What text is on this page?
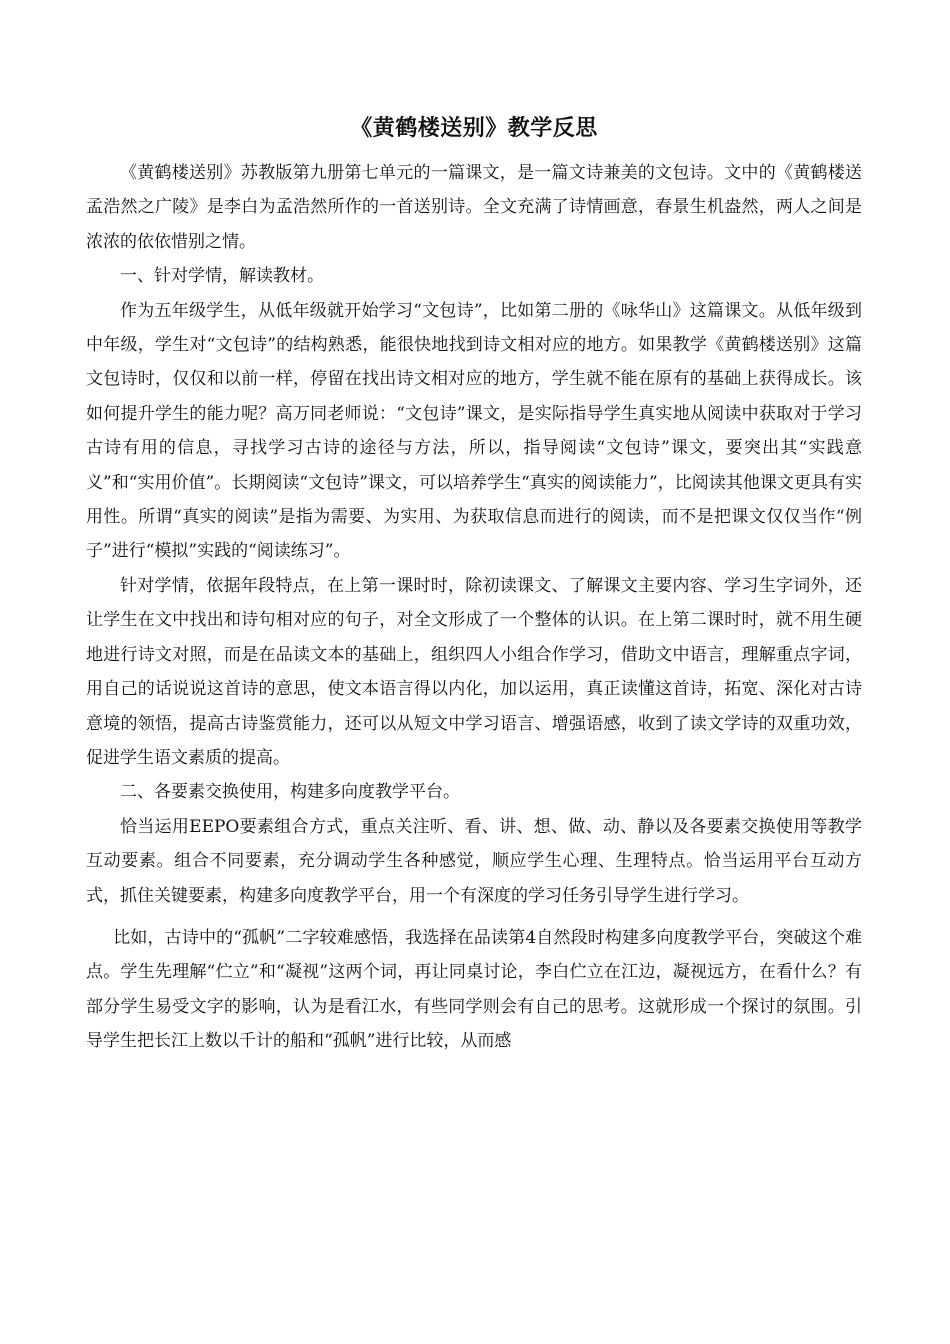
《黄鹤楼送别》教学反思

《黄鹤楼送别》苏教版第九册第七单元的一篇课文，是一篇文诗兼美的文包诗。文中的《黄鹤楼送孟浩然之广陵》是李白为孟浩然所作的一首送别诗。全文充满了诗情画意，春景生机盎然，两人之间是浓浓的依依惜别之情。

一、针对学情，解读教材。

作为五年级学生，从低年级就开始学习“文包诗”，比如第二册的《咏华山》这篇课文。从低年级到中年级，学生对“文包诗”的结构熟悉，能很快地找到诗文相对应的地方。如果教学《黄鹤楼送别》这篇文包诗时，仅仅和以前一样，停留在找出诗文相对应的地方，学生就不能在原有的基础上获得成长。该如何提升学生的能力呢？高万同老师说：“文包诗”课文，是实际指导学生真实地从阅读中获取对于学习古诗有用的信息，寻找学习古诗的途径与方法，所以，指导阅读“文包诗”课文，要突出其“实践意义”和“实用价值”。长期阅读“文包诗”课文，可以培养学生“真实的阅读能力”，比阅读其他课文更具有实用性。所谓“真实的阅读”是指为需要、为实用、为获取信息而进行的阅读，而不是把课文仅仅当作“例子”进行“模拟”实践的“阅读练习”。

针对学情，依据年段特点，在上第一课时时，除初读课文、了解课文主要内容、学习生字词外，还让学生在文中找出和诗句相对应的句子，对全文形成了一个整体的认识。在上第二课时时，就不用生硬地进行诗文对照，而是在品读文本的基础上，组织四人小组合作学习，借助文中语言，理解重点字词，用自己的话说说这首诗的意思，使文本语言得以内化，加以运用，真正读懂这首诗，拓宽、深化对古诗意境的领悟，提高古诗鉴赏能力，还可以从短文中学习语言、增强语感，收到了读文学诗的双重功效，促进学生语文素质的提高。

二、各要素交换使用，构建多向度教学平台。

恰当运用EEPO要素组合方式，重点关注听、看、讲、想、做、动、静以及各要素交换使用等教学互动要素。组合不同要素，充分调动学生各种感觉，顺应学生心理、生理特点。恰当运用平台互动方式，抓住关键要素，构建多向度教学平台，用一个有深度的学习任务引导学生进行学习。

比如，古诗中的“孤帆”二字较难感悟，我选择在品读第4自然段时构建多向度教学平台，突破这个难点。学生先理解“伫立”和“凝视”这两个词，再让同桌讨论，李白伫立在江边，凝视远方，在看什么？有部分学生易受文字的影响，认为是看江水，有些同学则会有自己的思考。这就形成一个探讨的氛围。引导学生把长江上数以千计的船和“孤帆”进行比较，从而感
